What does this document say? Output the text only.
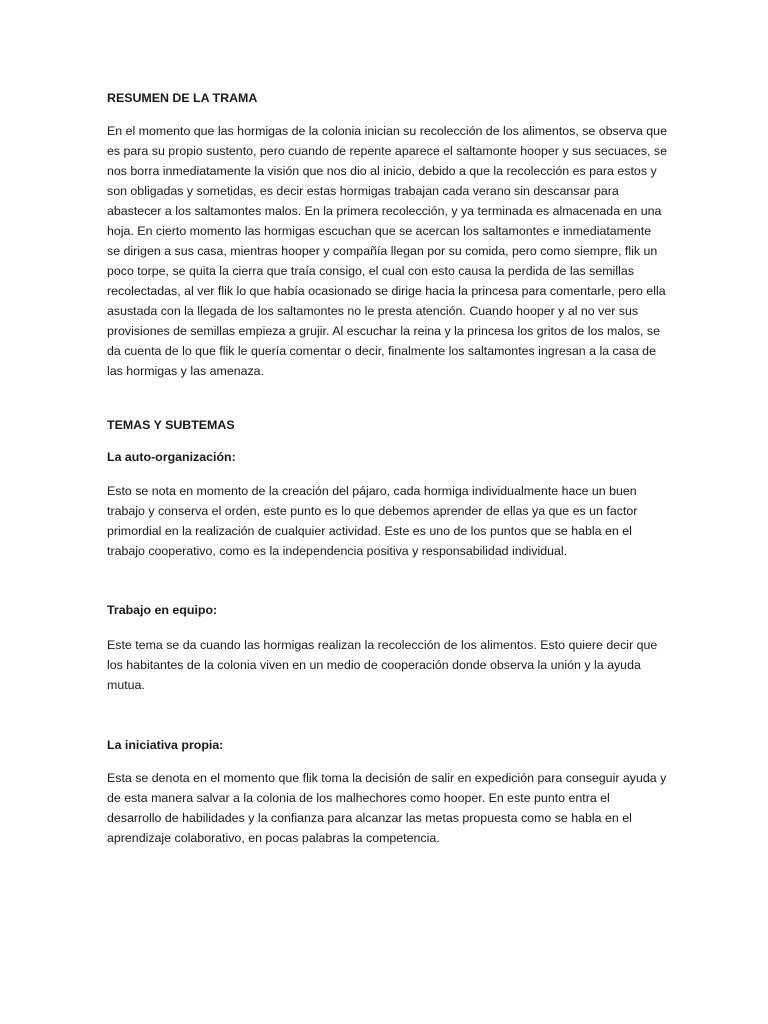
RESUMEN DE LA TRAMA

En el momento que las hormigas de la colonia inician su recolección de los alimentos, se observa que es para su propio sustento, pero cuando de repente aparece el saltamonte hooper y sus secuaces, se nos borra inmediatamente la visión que nos dio al inicio, debido a que la recolección es para estos y son obligadas y sometidas, es decir estas hormigas trabajan cada verano sin descansar para abastecer a los saltamontes malos. En la primera recolección, y ya terminada es almacenada en una hoja. En cierto momento las hormigas escuchan que se acercan los saltamontes e inmediatamente se dirigen a sus casa, mientras hooper y compañía llegan por su comida, pero como siempre, flik un poco torpe, se quita la cierra que traía consigo, el cual con esto causa la perdida de las semillas recolectadas, al ver flik lo que había ocasionado se dirige hacia la princesa para comentarle, pero ella asustada con la llegada de los saltamontes no le presta atención. Cuando hooper y al no ver sus provisiones de semillas empieza a grujir. Al escuchar la reina y la princesa los gritos de los malos, se da cuenta de lo que flik le quería comentar o decir, finalmente los saltamontes ingresan a la casa de las hormigas y las amenaza.

TEMAS Y SUBTEMAS

La auto-organización:

Esto se nota en momento de la creación del pájaro, cada hormiga individualmente hace un buen trabajo y conserva el orden, este punto es lo que debemos aprender de ellas ya que es un factor primordial en la realización de cualquier actividad. Este es uno de los puntos que se habla en el trabajo cooperativo, como es la independencia positiva y responsabilidad individual.

Trabajo en equipo:

Este tema se da cuando las hormigas realizan la recolección de los alimentos. Esto quiere decir que los habitantes de la colonia viven en un medio de cooperación donde observa la unión y la ayuda mutua.

La iniciativa propia:

Esta se denota en el momento que flik toma la decisión de salir en expedición para conseguir ayuda y de esta manera salvar a la colonia de los malhechores como hooper. En este punto entra el desarrollo de habilidades y la confianza para alcanzar las metas propuesta como se habla en el aprendizaje colaborativo, en pocas palabras la competencia.
